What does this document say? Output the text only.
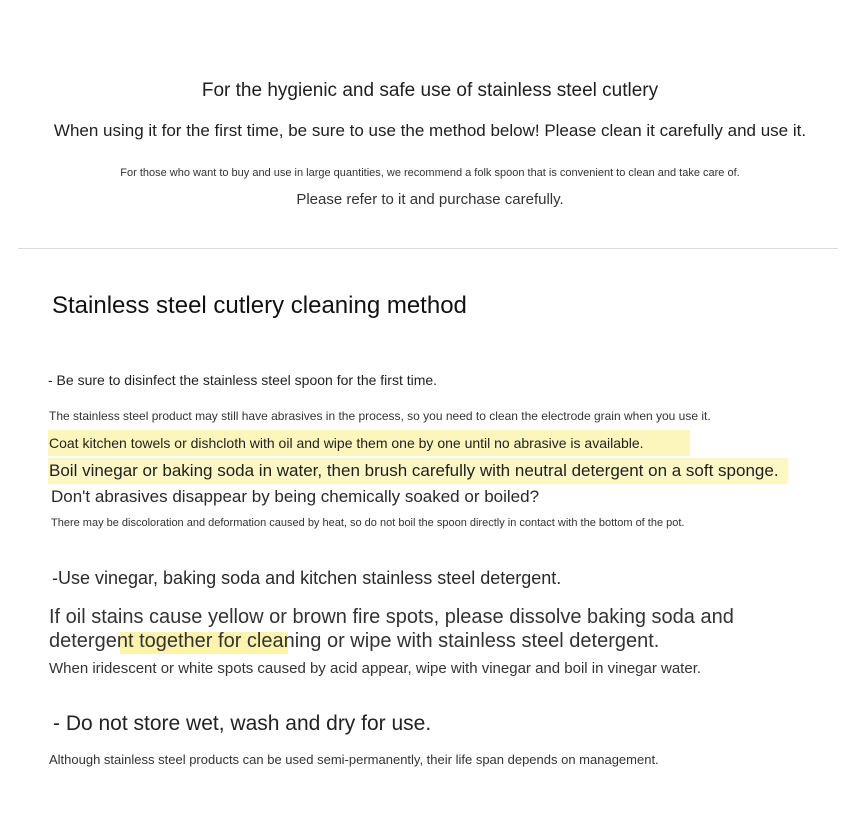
For the hygienic and safe use of stainless steel cutlery

When using it for the first time, be sure to use the method below! Please clean it carefully and use it.

For those who want to buy and use in large quantities, we recommend a folk spoon that is convenient to clean and take care of.

Please refer to it and purchase carefully.

Stainless steel cutlery cleaning method

- Be sure to disinfect the stainless steel spoon for the first time.

The stainless steel product may still have abrasives in the process, so you need to clean the electrode grain when you use it.

Coat kitchen towels or dishcloth with oil and wipe them one by one until no abrasive is available.

Boil vinegar or baking soda in water, then brush carefully with neutral detergent on a soft sponge.

Don't abrasives disappear by being chemically soaked or boiled?

There may be discoloration and deformation caused by heat, so do not boil the spoon directly in contact with the bottom of the pot.

-Use vinegar, baking soda and kitchen stainless steel detergent.

If oil stains cause yellow or brown fire spots, please dissolve baking soda and

detergent together for cleaning or wipe with stainless steel detergent.

When iridescent or white spots caused by acid appear, wipe with vinegar and boil in vinegar water.

- Do not store wet, wash and dry for use.

Although stainless steel products can be used semi-permanently, their life span depends on management.
